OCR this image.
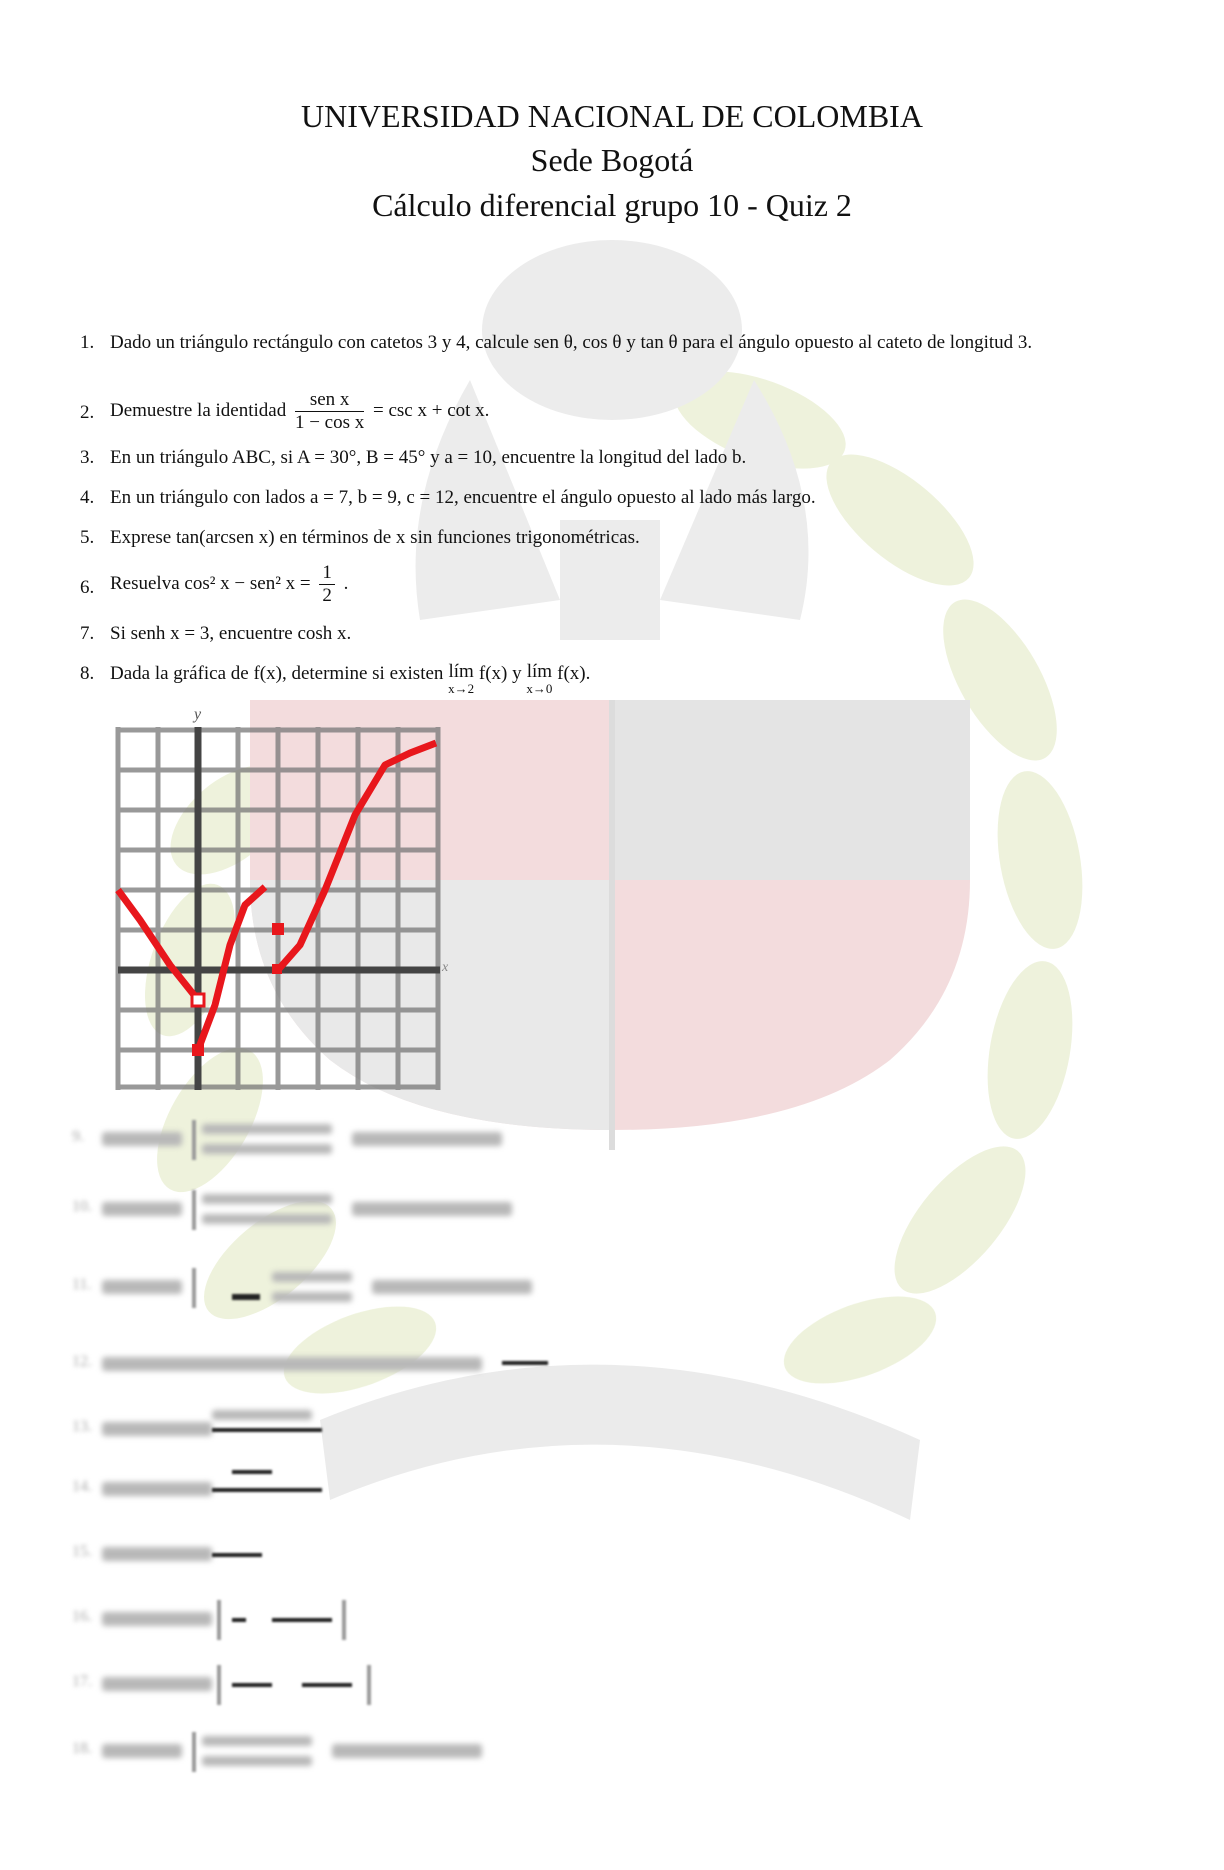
UNIVERSIDAD NACIONAL DE COLOMBIA
Sede Bogotá
Cálculo diferencial grupo 10 - Quiz 2
1. Dado un triángulo rectángulo con catetos 3 y 4, calcule sen θ, cos θ y tan θ para el ángulo opuesto al cateto de longitud 3.
2. Demuestre la identidad $\frac{\text{sen x}}{\text{1 − cos x}} = \csc x + \cot x$.
3. En un triángulo ABC, si A = 30°, B = 45° y a = 10, encuentre la longitud del lado b.
4. En un triángulo con lados a = 7, b = 9, c = 12, encuentre el ángulo opuesto al lado más largo.
5. Exprese tan(arcsen x) en términos de x sin funciones trigonométricas.
6. Resuelva cos² x − sen² $x = \frac{1}{2}$ .
7. Si senh x = 3, encuentre cosh x.
8. Dada la gráfica de f(x), determine si existen lím
x→2
f(x) y lím
x→0
f(x).
y
x
9.
10.
11.
12.
13.
14.
15.
16.
17.
18.
